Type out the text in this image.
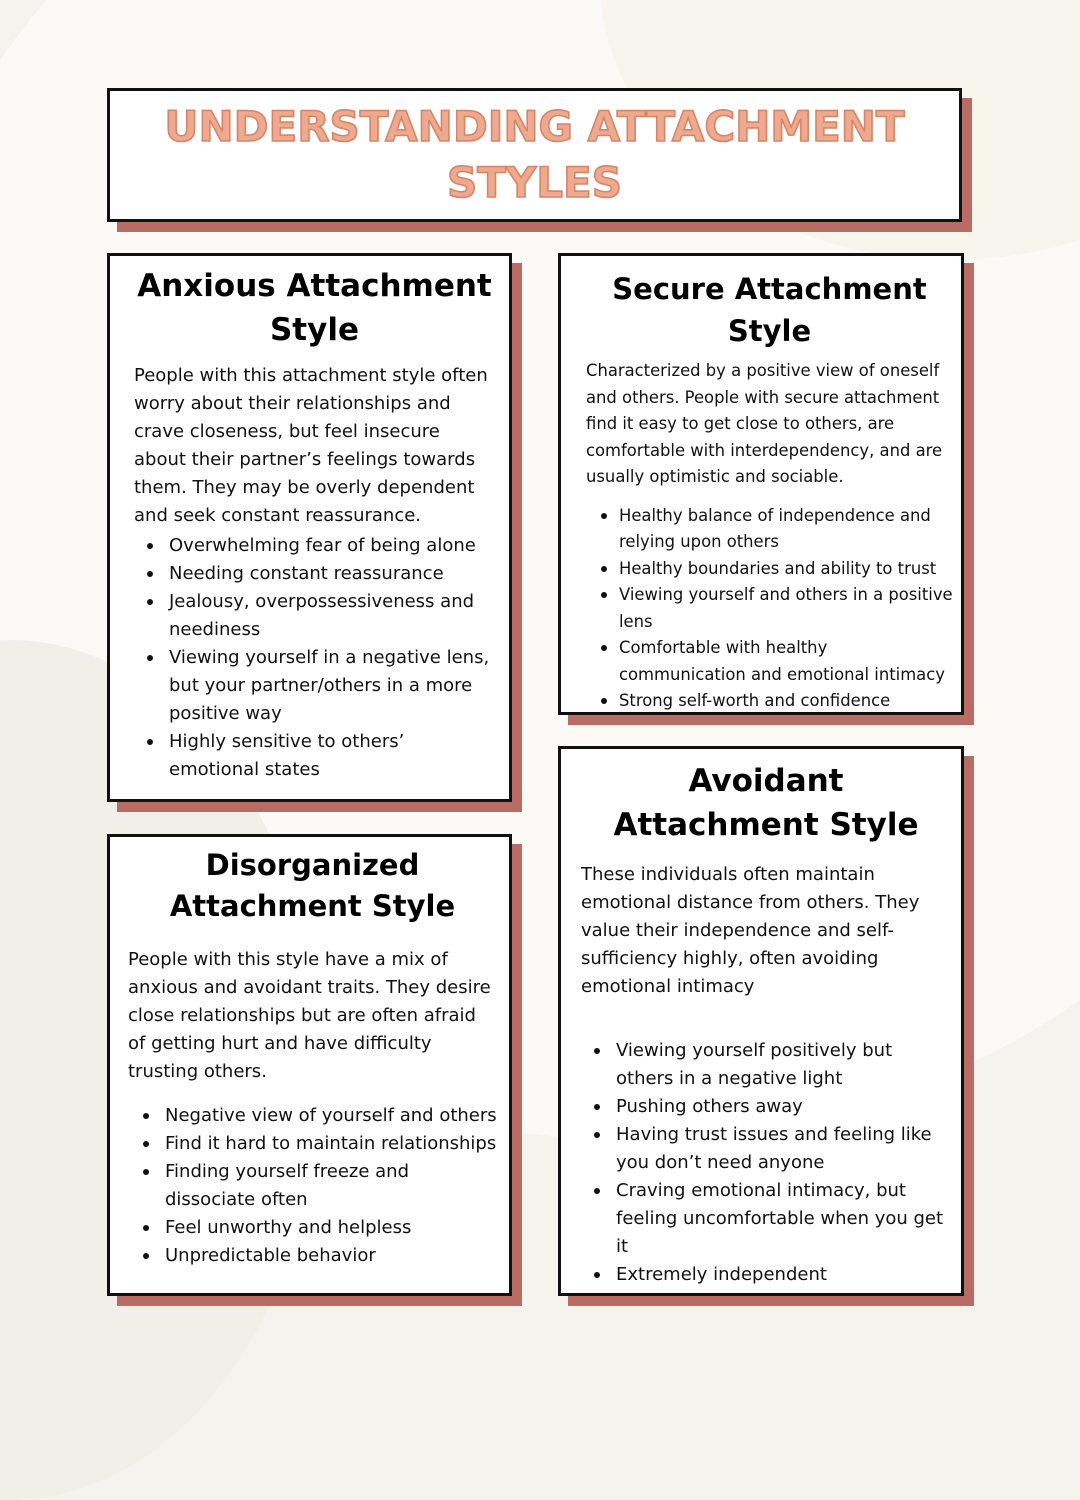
UNDERSTANDING ATTACHMENT STYLES
Anxious Attachment Style

People with this attachment style often worry about their relationships and crave closeness, but feel insecure about their partner’s feelings towards them. They may be overly dependent and seek constant reassurance.

Overwhelming fear of being alone
Needing constant reassurance
Jealousy, overpossessiveness and neediness
Viewing yourself in a negative lens, but your partner/others in a more positive way
Highly sensitive to others’ emotional states
Secure Attachment Style

Characterized by a positive view of oneself and others. People with secure attachment find it easy to get close to others, are comfortable with interdependency, and are usually optimistic and sociable.

Healthy balance of independence and relying upon others
Healthy boundaries and ability to trust
Viewing yourself and others in a positive lens
Comfortable with healthy communication and emotional intimacy
Strong self-worth and confidence
Disorganized Attachment Style

People with this style have a mix of anxious and avoidant traits. They desire close relationships but are often afraid of getting hurt and have difficulty trusting others.

Negative view of yourself and others
Find it hard to maintain relationships
Finding yourself freeze and dissociate often
Feel unworthy and helpless
Unpredictable behavior
Avoidant Attachment Style

These individuals often maintain emotional distance from others. They value their independence and self-sufficiency highly, often avoiding emotional intimacy

Viewing yourself positively but others in a negative light
Pushing others away
Having trust issues and feeling like you don’t need anyone
Craving emotional intimacy, but feeling uncomfortable when you get it
Extremely independent
